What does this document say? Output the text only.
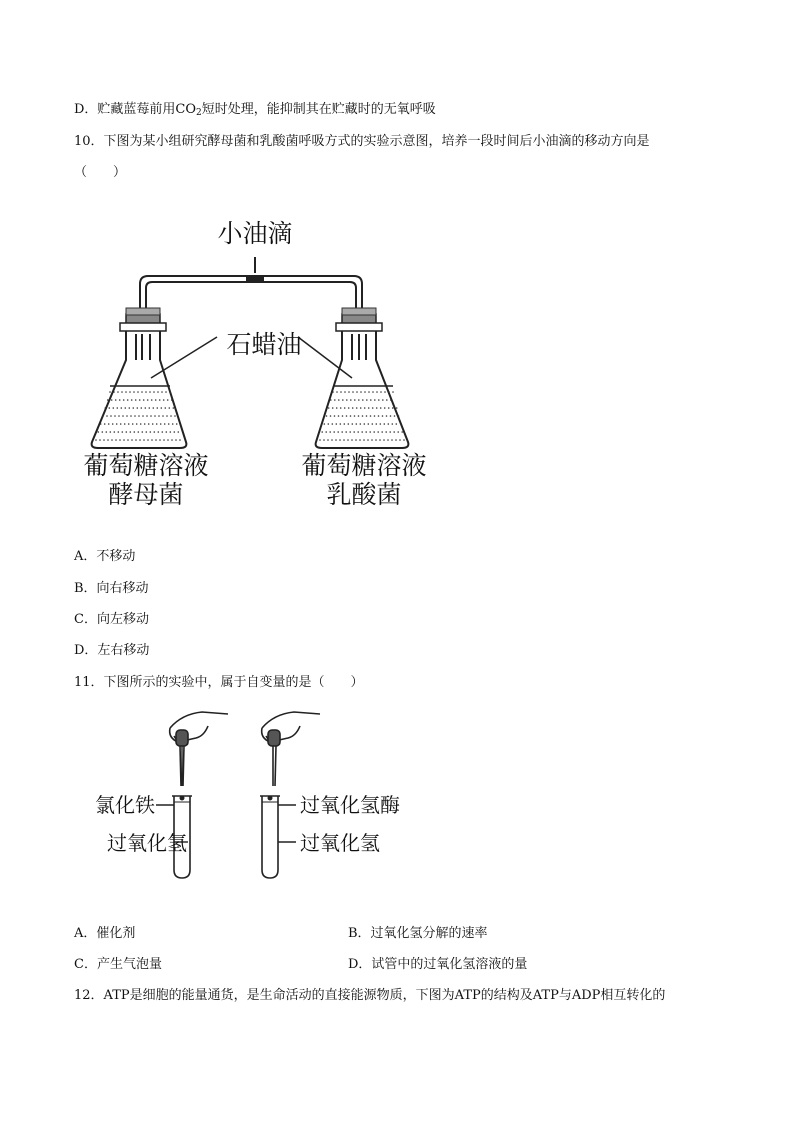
D．贮藏蓝莓前用$CO_2$短时处理，能抑制其在贮藏时的无氧呼吸
10．下图为某小组研究酵母菌和乳酸菌呼吸方式的实验示意图，培养一段时间后小油滴的移动方向是
（　　）
小油滴
石蜡油
葡萄糖溶液
酵母菌
葡萄糖溶液
乳酸菌
A．不移动
B．向右移动
C．向左移动
D．左右移动
11．下图所示的实验中，属于自变量的是（　　）
氯化铁
过氧化氢
过氧化氢酶
过氧化氢
A．催化剂	B．过氧化氢分解的速率
C．产生气泡量	D．试管中的过氧化氢溶液的量
12．ATP是细胞的能量通货，是生命活动的直接能源物质，下图为ATP的结构及ATP与ADP相互转化的
